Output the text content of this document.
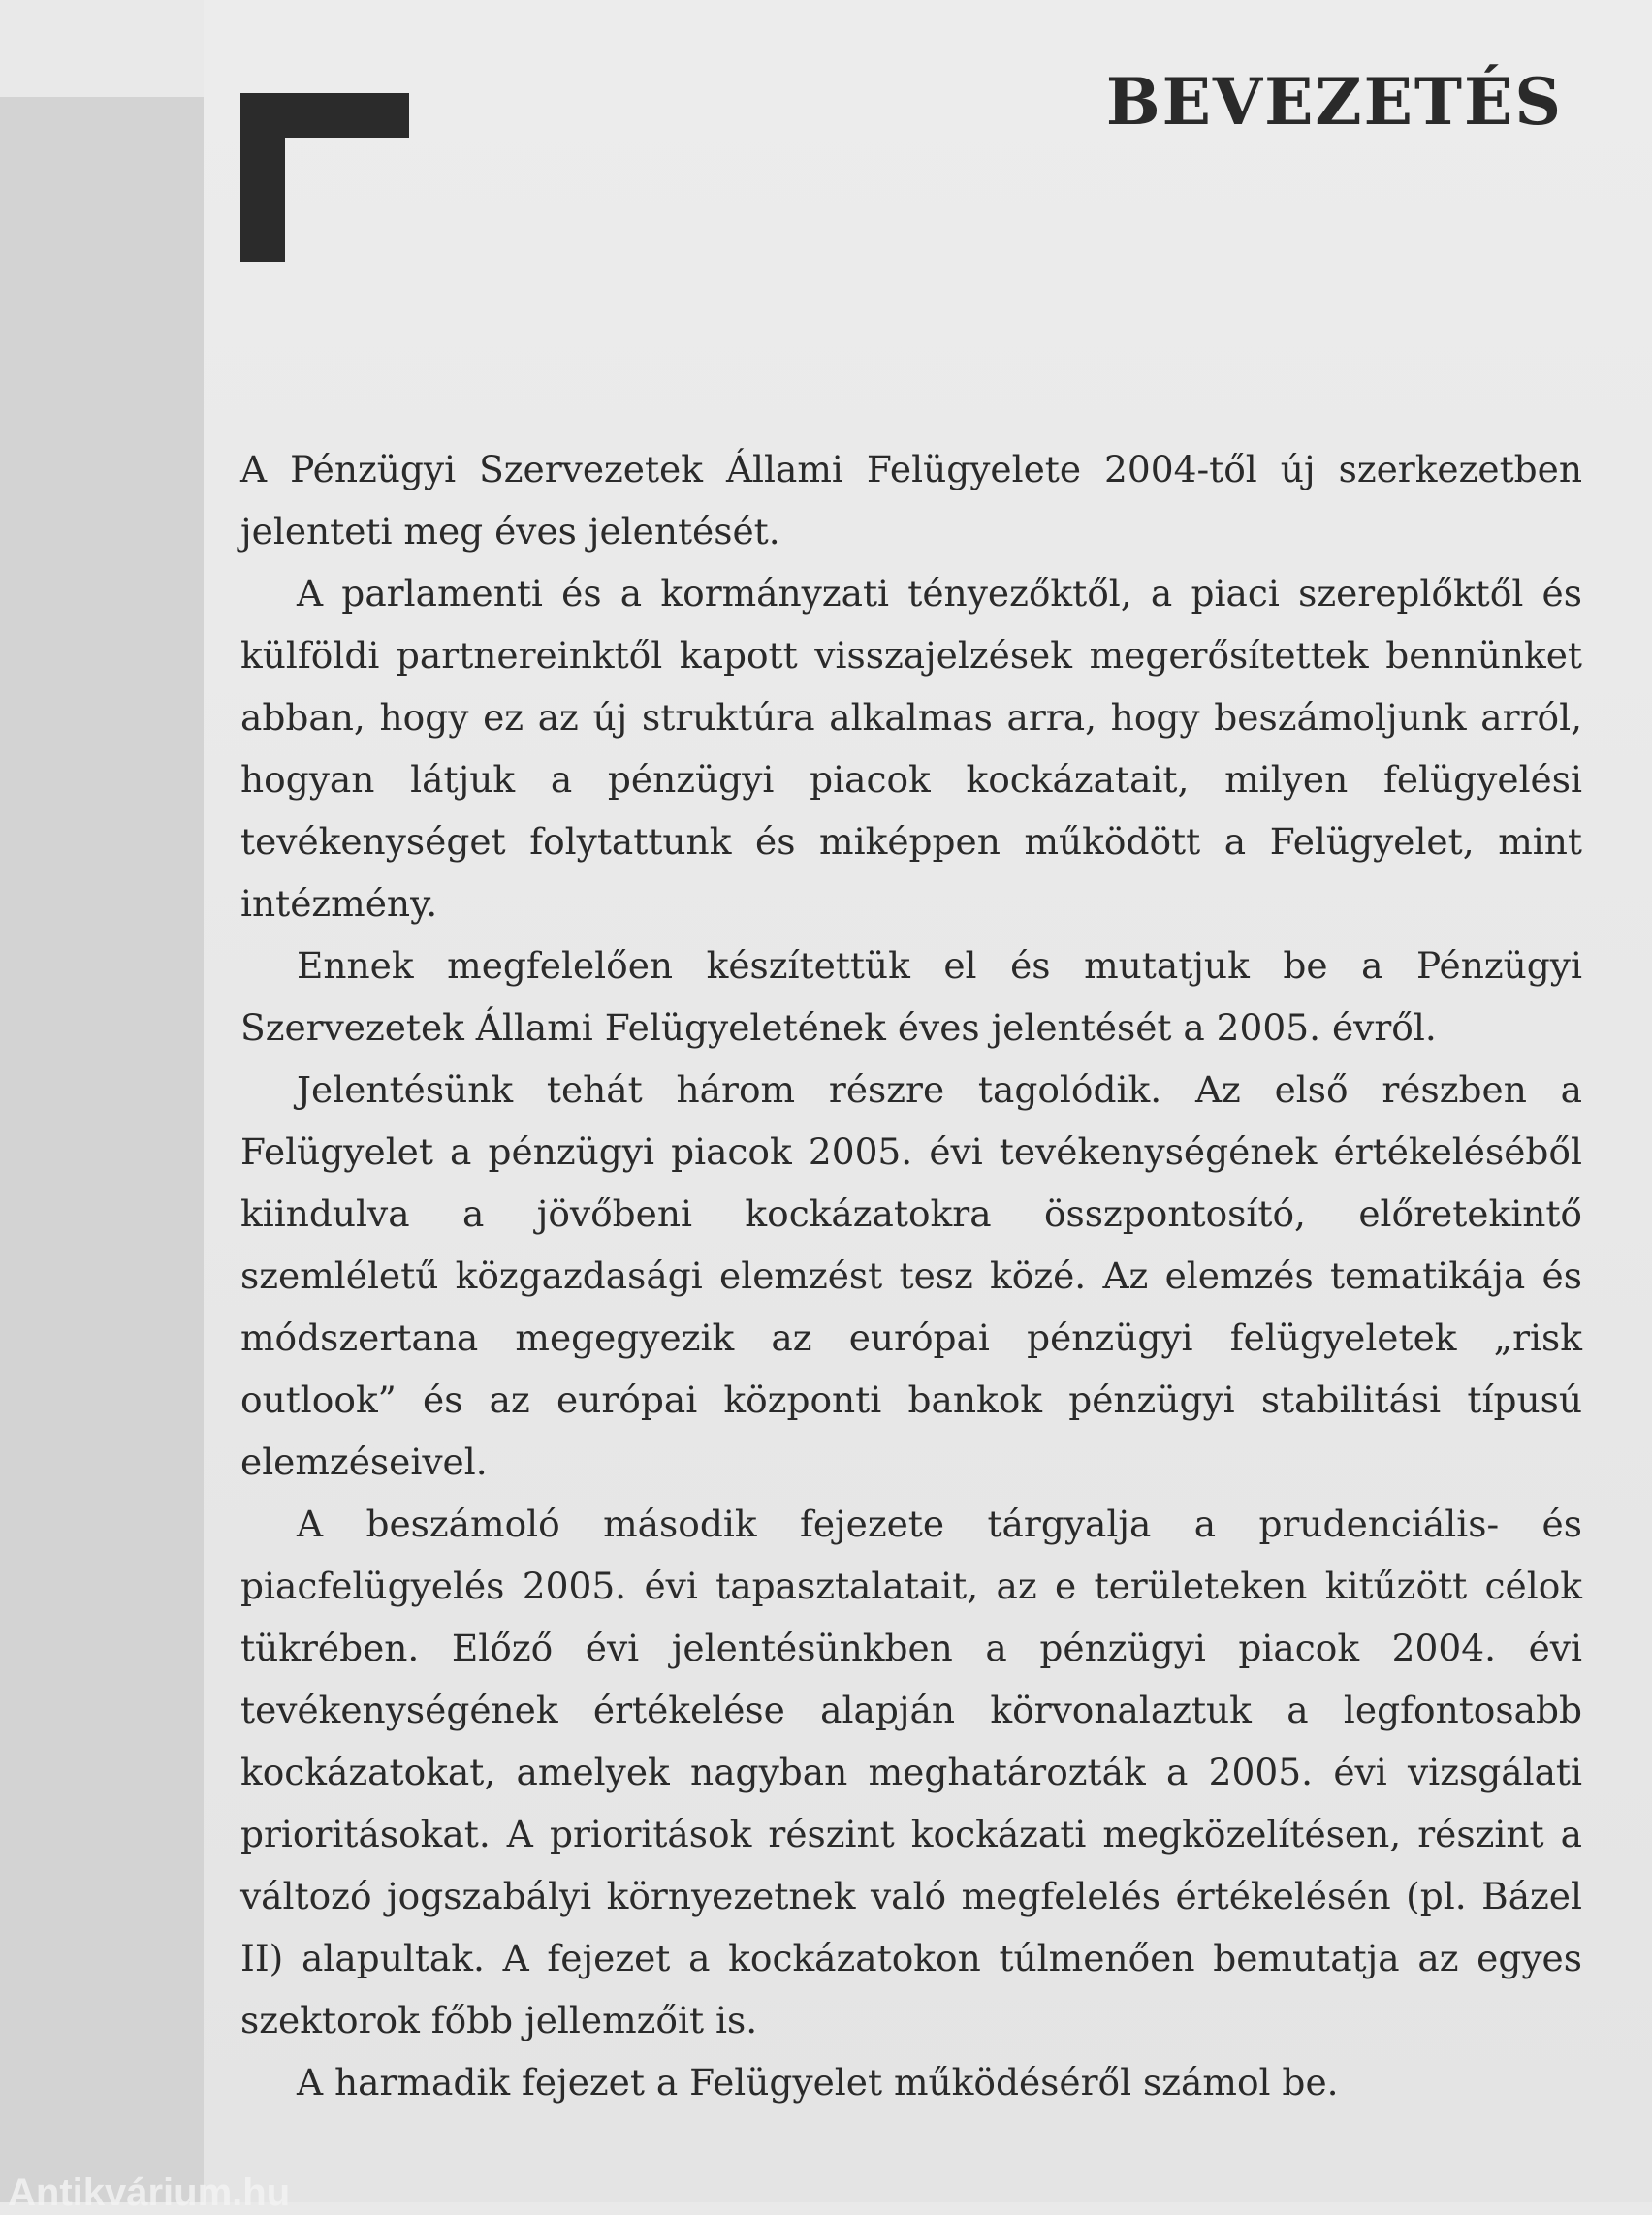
BEVEZETÉS

A Pénzügyi Szervezetek Állami Felügyelete 2004-től új szerkezetben jelenteti meg éves jelentését.

A parlamenti és a kormányzati tényezőktől, a piaci szereplőktől és külföldi partnereinktől kapott visszajelzések megerősítettek bennünket abban, hogy ez az új struktúra alkalmas arra, hogy beszámoljunk arról, hogyan látjuk a pénzügyi piacok kockázatait, milyen felügyelési tevékenységet folytattunk és miképpen működött a Felügyelet, mint intézmény.

Ennek megfelelően készítettük el és mutatjuk be a Pénzügyi Szervezetek Állami Felügyeletének éves jelentését a 2005. évről.

Jelentésünk tehát három részre tagolódik. Az első részben a Felügyelet a pénzügyi piacok 2005. évi tevékenységének értékeléséből kiindulva a jövőbeni kockázatokra összpontosító, előretekintő szemléletű közgazdasági elemzést tesz közé. Az elemzés tematikája és módszertana megegyezik az európai pénzügyi felügyeletek „risk outlook” és az európai központi bankok pénzügyi stabilitási típusú elemzéseivel.

A beszámoló második fejezete tárgyalja a prudenciális- és piacfelügyelés 2005. évi tapasztalatait, az e területeken kitűzött célok tükrében. Előző évi jelentésünkben a pénzügyi piacok 2004. évi tevékenységének értékelése alapján körvonalaztuk a legfontosabb kockázatokat, amelyek nagyban meghatározták a 2005. évi vizsgálati prioritásokat. A prioritások részint kockázati megközelítésen, részint a változó jogszabályi környezetnek való megfelelés értékelésén (pl. Bázel II) alapultak. A fejezet a kockázatokon túlmenően bemutatja az egyes szektorok főbb jellemzőit is.

A harmadik fejezet a Felügyelet működéséről számol be.

Antikvárium.hu
